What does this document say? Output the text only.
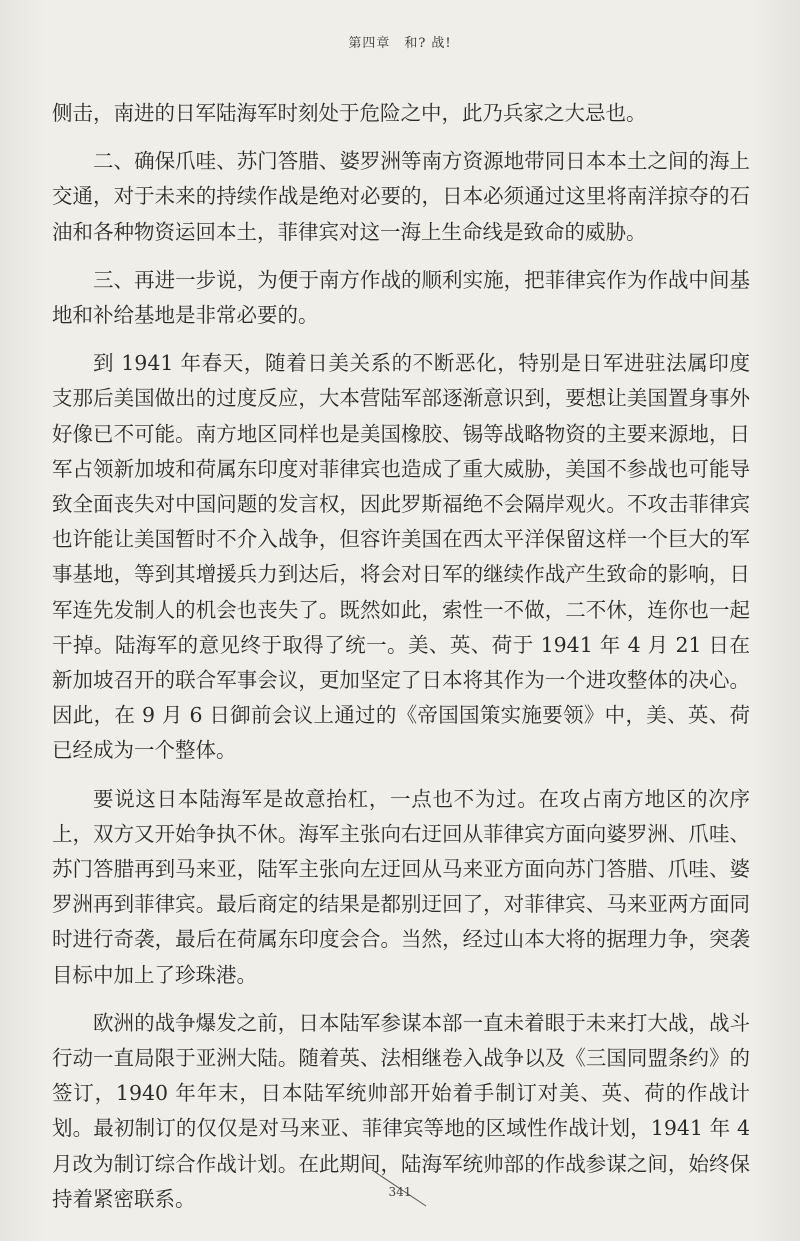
第四章　和? 战!

侧击，南进的日军陆海军时刻处于危险之中，此乃兵家之大忌也。

二、确保爪哇、苏门答腊、婆罗洲等南方资源地带同日本本土之间的海上交通，对于未来的持续作战是绝对必要的，日本必须通过这里将南洋掠夺的石油和各种物资运回本土，菲律宾对这一海上生命线是致命的威胁。

三、再进一步说，为便于南方作战的顺利实施，把菲律宾作为作战中间基地和补给基地是非常必要的。

到 1941 年春天，随着日美关系的不断恶化，特别是日军进驻法属印度支那后美国做出的过度反应，大本营陆军部逐渐意识到，要想让美国置身事外好像已不可能。南方地区同样也是美国橡胶、锡等战略物资的主要来源地，日军占领新加坡和荷属东印度对菲律宾也造成了重大威胁，美国不参战也可能导致全面丧失对中国问题的发言权，因此罗斯福绝不会隔岸观火。不攻击菲律宾也许能让美国暂时不介入战争，但容许美国在西太平洋保留这样一个巨大的军事基地，等到其增援兵力到达后，将会对日军的继续作战产生致命的影响，日军连先发制人的机会也丧失了。既然如此，索性一不做，二不休，连你也一起干掉。陆海军的意见终于取得了统一。美、英、荷于 1941 年 4 月 21 日在新加坡召开的联合军事会议，更加坚定了日本将其作为一个进攻整体的决心。因此，在 9 月 6 日御前会议上通过的《帝国国策实施要领》中，美、英、荷已经成为一个整体。

要说这日本陆海军是故意抬杠，一点也不为过。在攻占南方地区的次序上，双方又开始争执不休。海军主张向右迂回从菲律宾方面向婆罗洲、爪哇、苏门答腊再到马来亚，陆军主张向左迂回从马来亚方面向苏门答腊、爪哇、婆罗洲再到菲律宾。最后商定的结果是都别迂回了，对菲律宾、马来亚两方面同时进行奇袭，最后在荷属东印度会合。当然，经过山本大将的据理力争，突袭目标中加上了珍珠港。

欧洲的战争爆发之前，日本陆军参谋本部一直未着眼于未来打大战，战斗行动一直局限于亚洲大陆。随着英、法相继卷入战争以及《三国同盟条约》的签订，1940 年年末，日本陆军统帅部开始着手制订对美、英、荷的作战计划。最初制订的仅仅是对马来亚、菲律宾等地的区域性作战计划，1941 年 4 月改为制订综合作战计划。在此期间，陆海军统帅部的作战参谋之间，始终保持着紧密联系。	341
